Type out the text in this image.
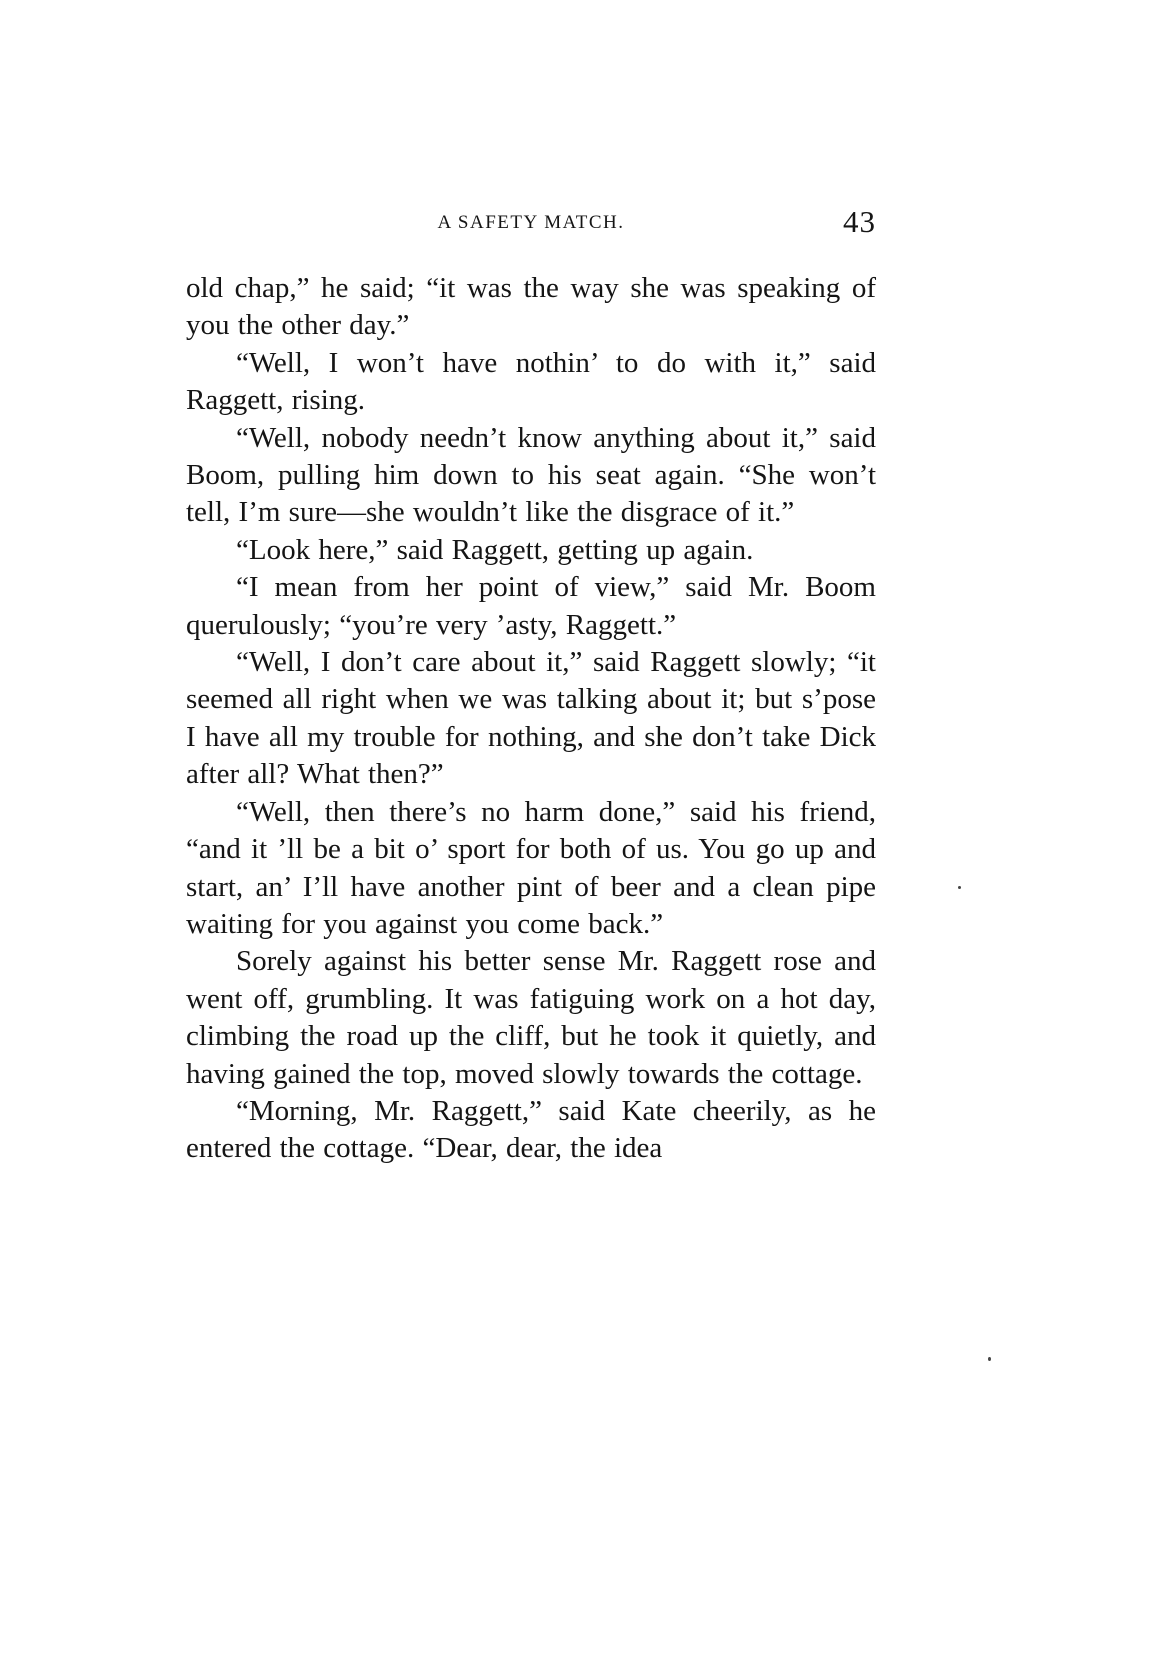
A SAFETY MATCH.	43

old chap,” he said; “it was the way she was speaking of you the other day.”

“Well, I won’t have nothin’ to do with it,” said Raggett, rising.

“Well, nobody needn’t know anything about it,” said Boom, pulling him down to his seat again. “She won’t tell, I’m sure—she wouldn’t like the disgrace of it.”

“Look here,” said Raggett, getting up again.

“I mean from her point of view,” said Mr. Boom querulously; “you’re very ’asty, Raggett.”

“Well, I don’t care about it,” said Raggett slowly; “it seemed all right when we was talking about it; but s’pose I have all my trouble for nothing, and she don’t take Dick after all? What then?”

“Well, then there’s no harm done,” said his friend, “and it ’ll be a bit o’ sport for both of us. You go up and start, an’ I’ll have another pint of beer and a clean pipe waiting for you against you come back.”

Sorely against his better sense Mr. Raggett rose and went off, grumbling. It was fatiguing work on a hot day, climbing the road up the cliff, but he took it quietly, and having gained the top, moved slowly towards the cottage.

“Morning, Mr. Raggett,” said Kate cheerily, as he entered the cottage. “Dear, dear, the idea
